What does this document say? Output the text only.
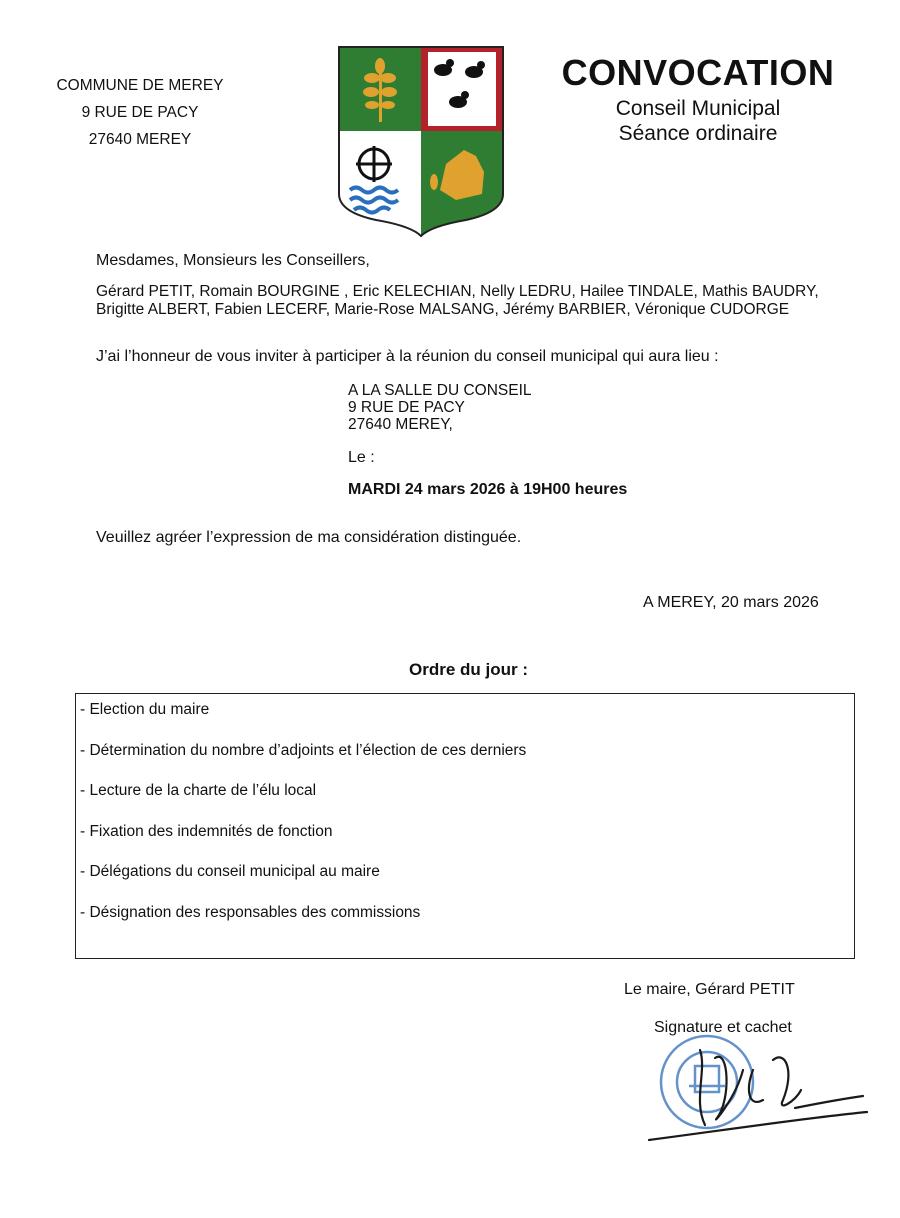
COMMUNE DE MEREY
9 RUE DE PACY
27640 MEREY
CONVOCATION
Conseil Municipal
Séance ordinaire
Mesdames, Monsieurs les Conseillers,
Gérard PETIT, Romain BOURGINE , Eric KELECHIAN, Nelly LEDRU, Hailee TINDALE, Mathis BAUDRY,
Brigitte ALBERT, Fabien LECERF, Marie-Rose MALSANG, Jérémy BARBIER, Véronique CUDORGE
J’ai l’honneur de vous inviter à participer à la réunion du conseil municipal qui aura lieu :
A LA SALLE DU CONSEIL
9 RUE DE PACY
27640 MEREY,
Le :
MARDI 24 mars 2026 à 19H00 heures
Veuillez agréer l’expression de ma considération distinguée.
A MEREY, 20 mars 2026
Ordre du jour :
- Election du maire
- Détermination du nombre d’adjoints et l’élection de ces derniers
- Lecture de la charte de l’élu local
- Fixation des indemnités de fonction
- Délégations du conseil municipal au maire
- Désignation des responsables des commissions
Le maire, Gérard PETIT
Signature et cachet
